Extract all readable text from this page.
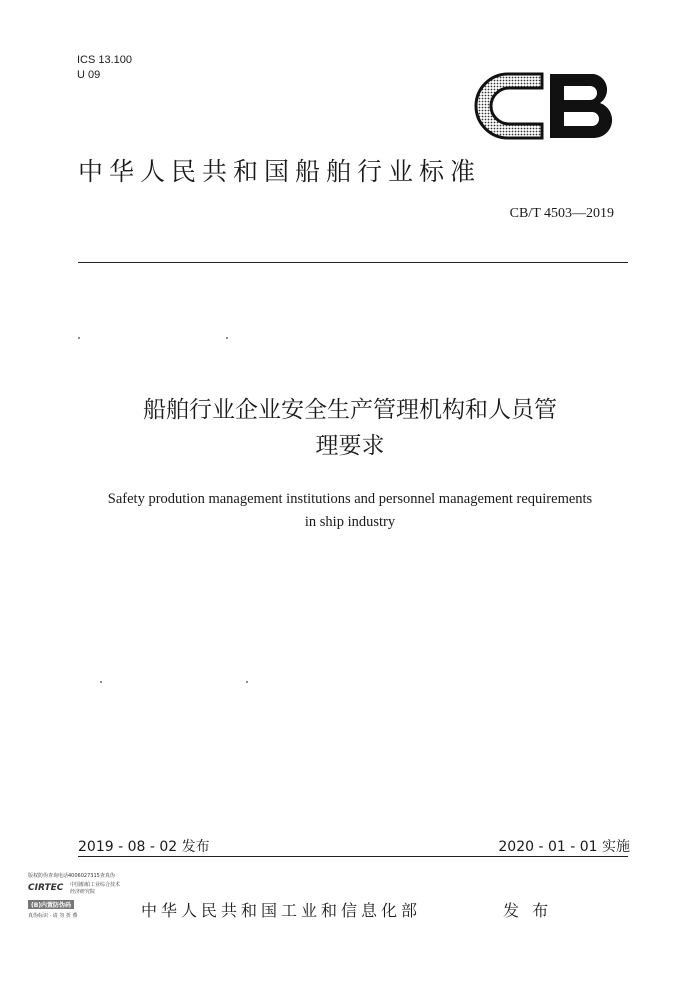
ICS 13.100
U 09
中华人民共和国船舶行业标准
CB/T 4503—2019
船舶行业企业安全生产管理机构和人员管
理要求
Safety prodution management institutions and personnel management requirements
in ship industry
2019 - 08 - 02 发布	2020 - 01 - 01 实施
版权防伪查询电话4006027315查真伪
CIRTEC 中国船舶工业综合技术经济研究院
(B)内置防伪码
真伪标识 · 请 勿 折 叠	中华人民共和国工业和信息化部	发 布
